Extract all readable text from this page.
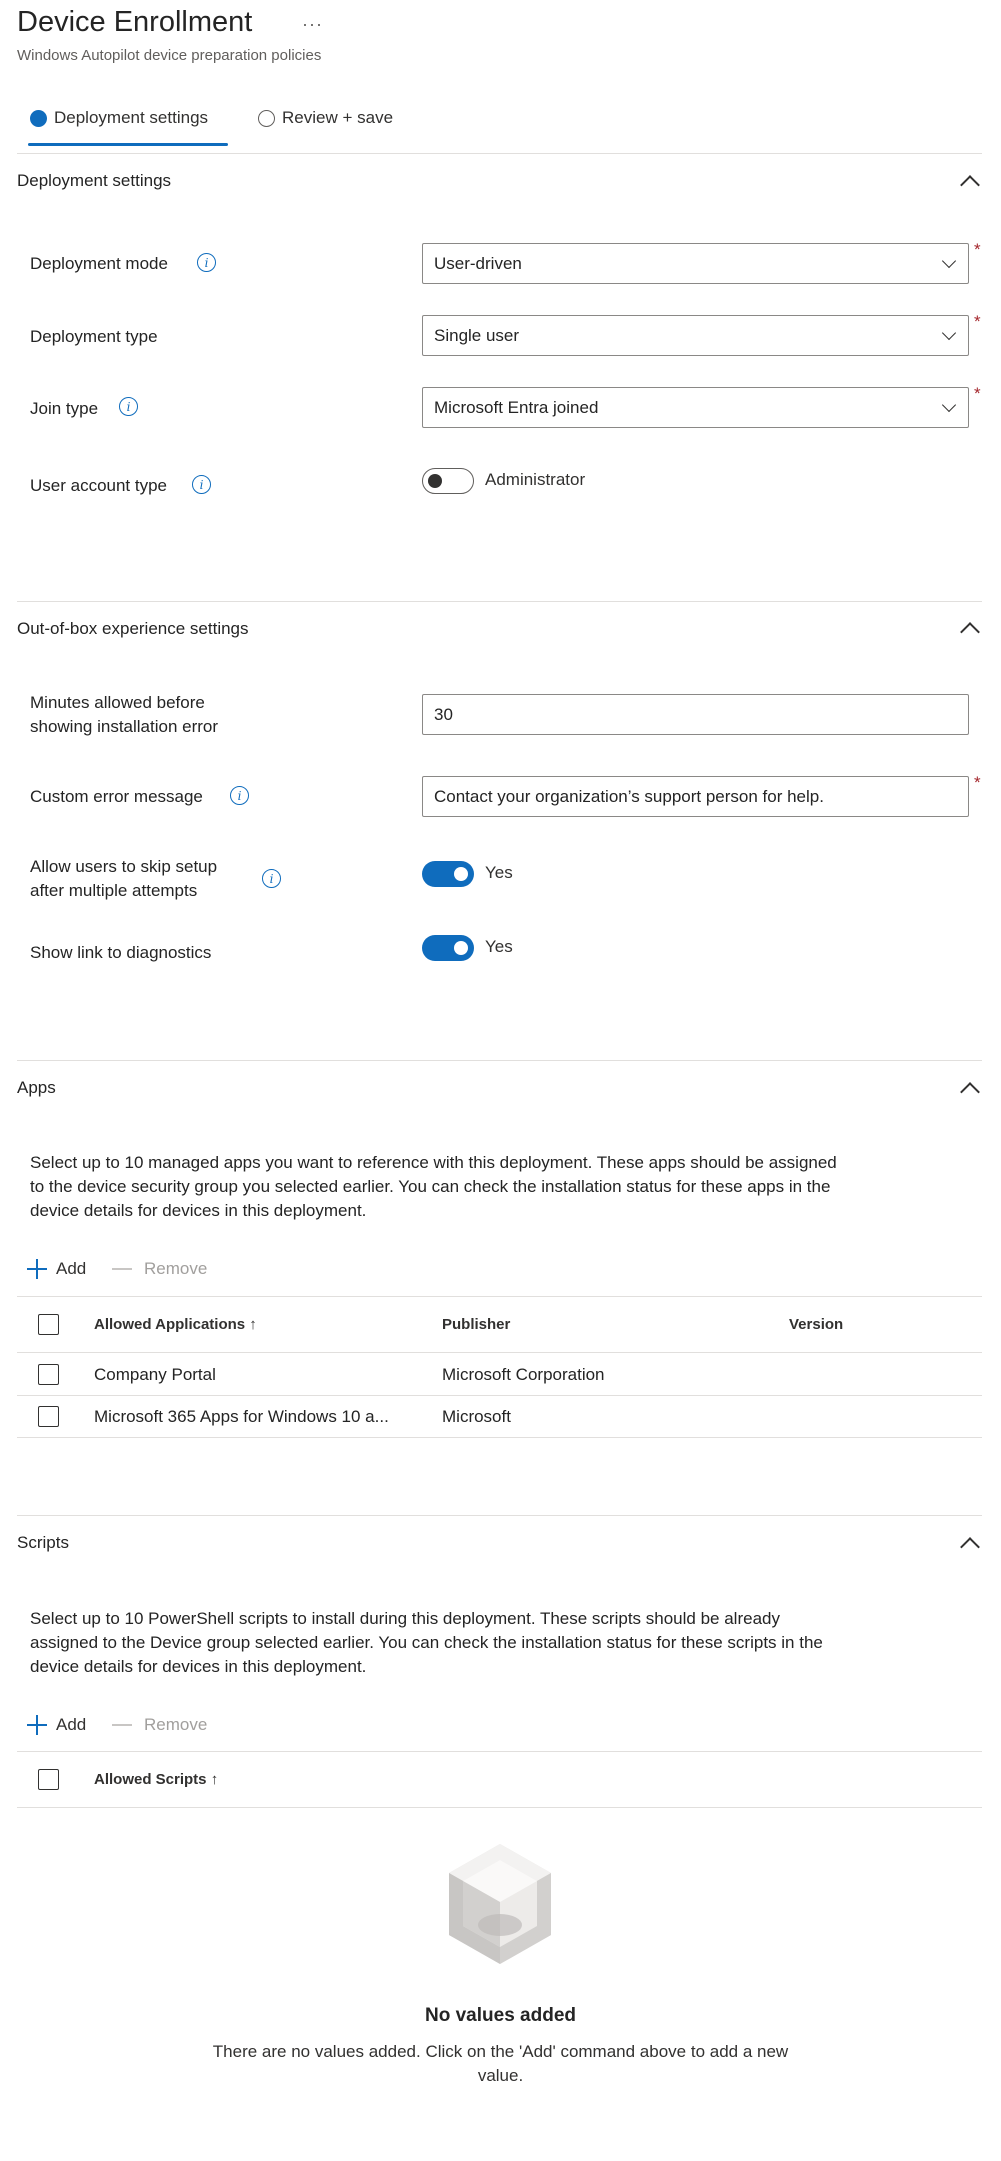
Device Enrollment	···
Windows Autopilot device preparation policies
Deployment settings	Review + save
Deployment settings
Deployment mode	i	User-driven
*
Deployment type	Single user
*
Join type	i	Microsoft Entra joined
*
User account type	i	Administrator
Out-of-box experience settings
Minutes allowed before
showing installation error
30
Custom error message	i	Contact your organization’s support person for help.
*
Allow users to skip setup
after multiple attempts
i	Yes
Show link to diagnostics	Yes
Apps
Select up to 10 managed apps you want to reference with this deployment. These apps should be assigned to the device security group you selected earlier. You can check the installation status for these apps in the device details for devices in this deployment.
Add	Remove
Allowed Applications ↑	Publisher	Version
Company Portal	Microsoft Corporation
Microsoft 365 Apps for Windows 10 a...	Microsoft
Scripts
Select up to 10 PowerShell scripts to install during this deployment. These scripts should be already assigned to the Device group selected earlier. You can check the installation status for these scripts in the device details for devices in this deployment.
Add	Remove
Allowed Scripts ↑
No values added
There are no values added. Click on the 'Add' command above to add a new value.
